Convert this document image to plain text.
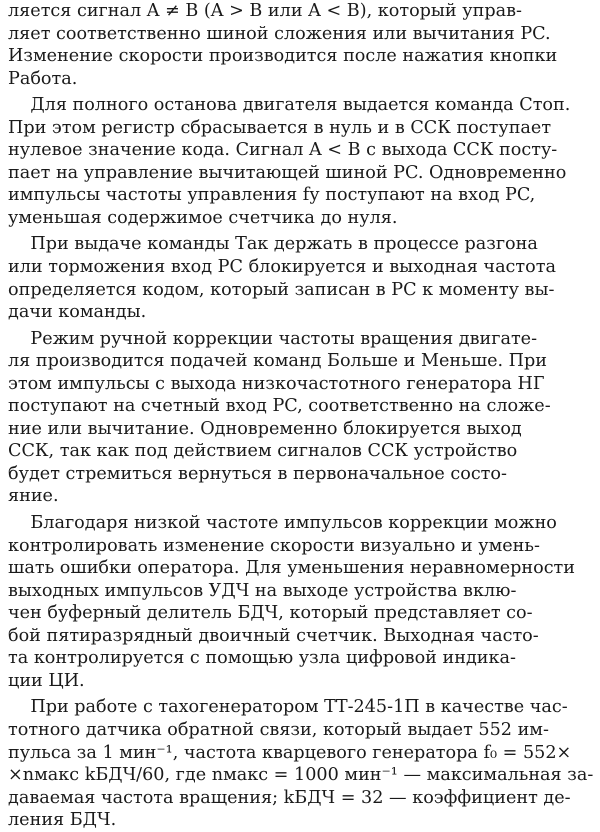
ляется сигнал A ≠ B (A > B или A < B), который управ-
ляет соответственно шиной сложения или вычитания PC.
Изменение скорости производится после нажатия кнопки
Работа.
Для полного останова двигателя выдается команда Стоп.
При этом регистр сбрасывается в нуль и в ССК поступает
нулевое значение кода. Сигнал A < B с выхода ССК посту-
пает на управление вычитающей шиной PC. Одновременно
импульсы частоты управления fу поступают на вход PC,
уменьшая содержимое счетчика до нуля.
При выдаче команды Так держать в процессе разгона
или торможения вход PC блокируется и выходная частота
определяется кодом, который записан в PC к моменту вы-
дачи команды.
Режим ручной коррекции частоты вращения двигате-
ля производится подачей команд Больше и Меньше. При
этом импульсы с выхода низкочастотного генератора НГ
поступают на счетный вход PC, соответственно на сложе-
ние или вычитание. Одновременно блокируется выход
ССК, так как под действием сигналов ССК устройство
будет стремиться вернуться в первоначальное состо-
яние.
Благодаря низкой частоте импульсов коррекции можно
контролировать изменение скорости визуально и умень-
шать ошибки оператора. Для уменьшения неравномерности
выходных импульсов УДЧ на выходе устройства вклю-
чен буферный делитель БДЧ, который представляет со-
бой пятиразрядный двоичный счетчик. Выходная часто-
та контролируется с помощью узла цифровой индика-
ции ЦИ.
При работе с тахогенератором ТТ-245-1П в качестве час-
тотного датчика обратной связи, который выдает 552 им-
пульса за 1 мин⁻¹, частота кварцевого генератора f₀ = 552×
×nмакс kБДЧ/60, где nмакс = 1000 мин⁻¹ — максимальная за-
даваемая частота вращения; kБДЧ = 32 — коэффициент де-
ления БДЧ.
